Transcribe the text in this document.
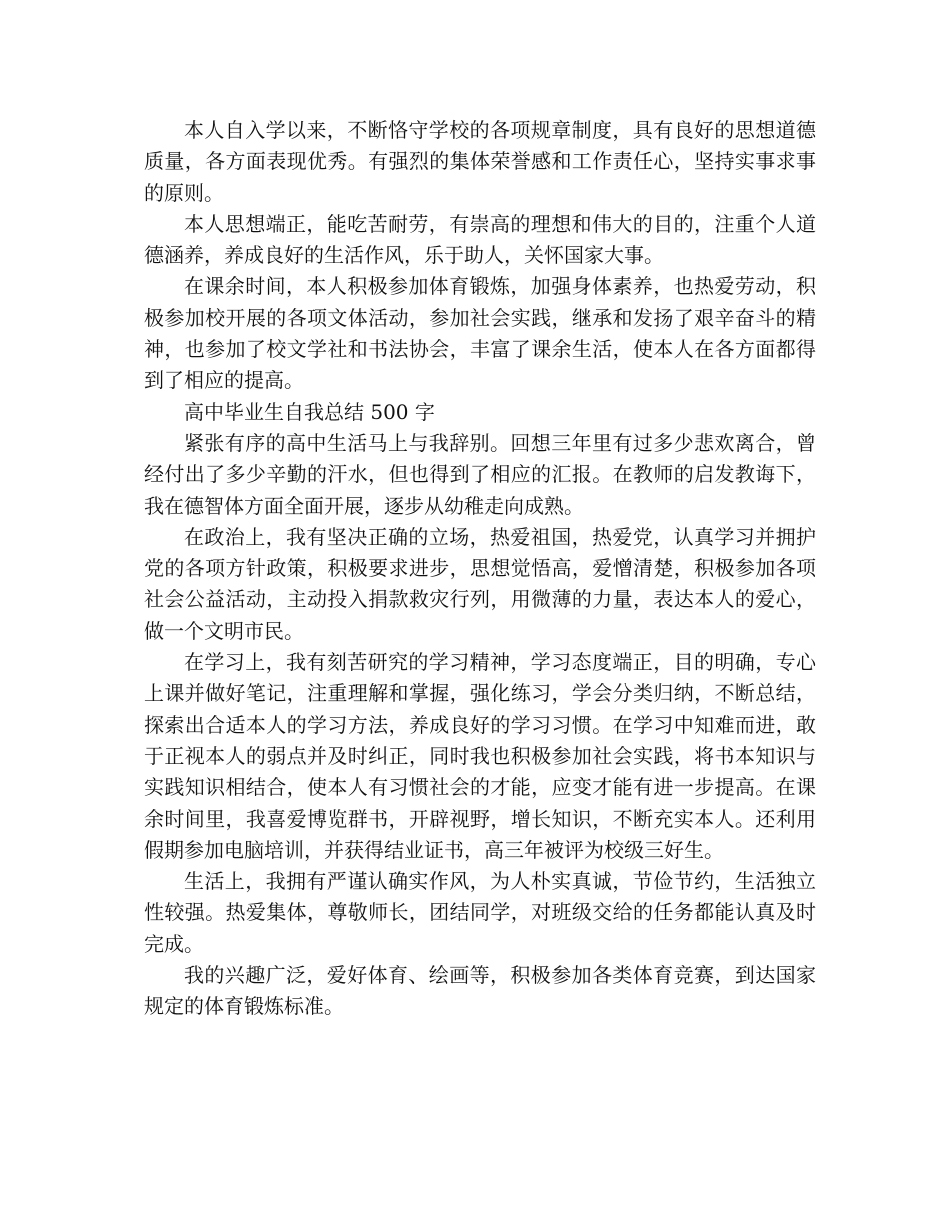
本人自入学以来，不断恪守学校的各项规章制度，具有良好的思想道德质量，各方面表现优秀。有强烈的集体荣誉感和工作责任心，坚持实事求事的原则。

本人思想端正，能吃苦耐劳，有崇高的理想和伟大的目的，注重个人道德涵养，养成良好的生活作风，乐于助人，关怀国家大事。

在课余时间，本人积极参加体育锻炼，加强身体素养，也热爱劳动，积极参加校开展的各项文体活动，参加社会实践，继承和发扬了艰辛奋斗的精神，也参加了校文学社和书法协会，丰富了课余生活，使本人在各方面都得到了相应的提高。

高中毕业生自我总结 500 字

紧张有序的高中生活马上与我辞别。回想三年里有过多少悲欢离合，曾经付出了多少辛勤的汗水，但也得到了相应的汇报。在教师的启发教诲下，我在德智体方面全面开展，逐步从幼稚走向成熟。

在政治上，我有坚决正确的立场，热爱祖国，热爱党，认真学习并拥护党的各项方针政策，积极要求进步，思想觉悟高，爱憎清楚，积极参加各项社会公益活动，主动投入捐款救灾行列，用微薄的力量，表达本人的爱心，做一个文明市民。

在学习上，我有刻苦研究的学习精神，学习态度端正，目的明确，专心上课并做好笔记，注重理解和掌握，强化练习，学会分类归纳，不断总结，探索出合适本人的学习方法，养成良好的学习习惯。在学习中知难而进，敢于正视本人的弱点并及时纠正，同时我也积极参加社会实践，将书本知识与实践知识相结合，使本人有习惯社会的才能，应变才能有进一步提高。在课余时间里，我喜爱博览群书，开辟视野，增长知识，不断充实本人。还利用假期参加电脑培训，并获得结业证书，高三年被评为校级三好生。

生活上，我拥有严谨认确实作风，为人朴实真诚，节俭节约，生活独立性较强。热爱集体，尊敬师长，团结同学，对班级交给的任务都能认真及时完成。

我的兴趣广泛，爱好体育、绘画等，积极参加各类体育竞赛，到达国家规定的体育锻炼标准。
